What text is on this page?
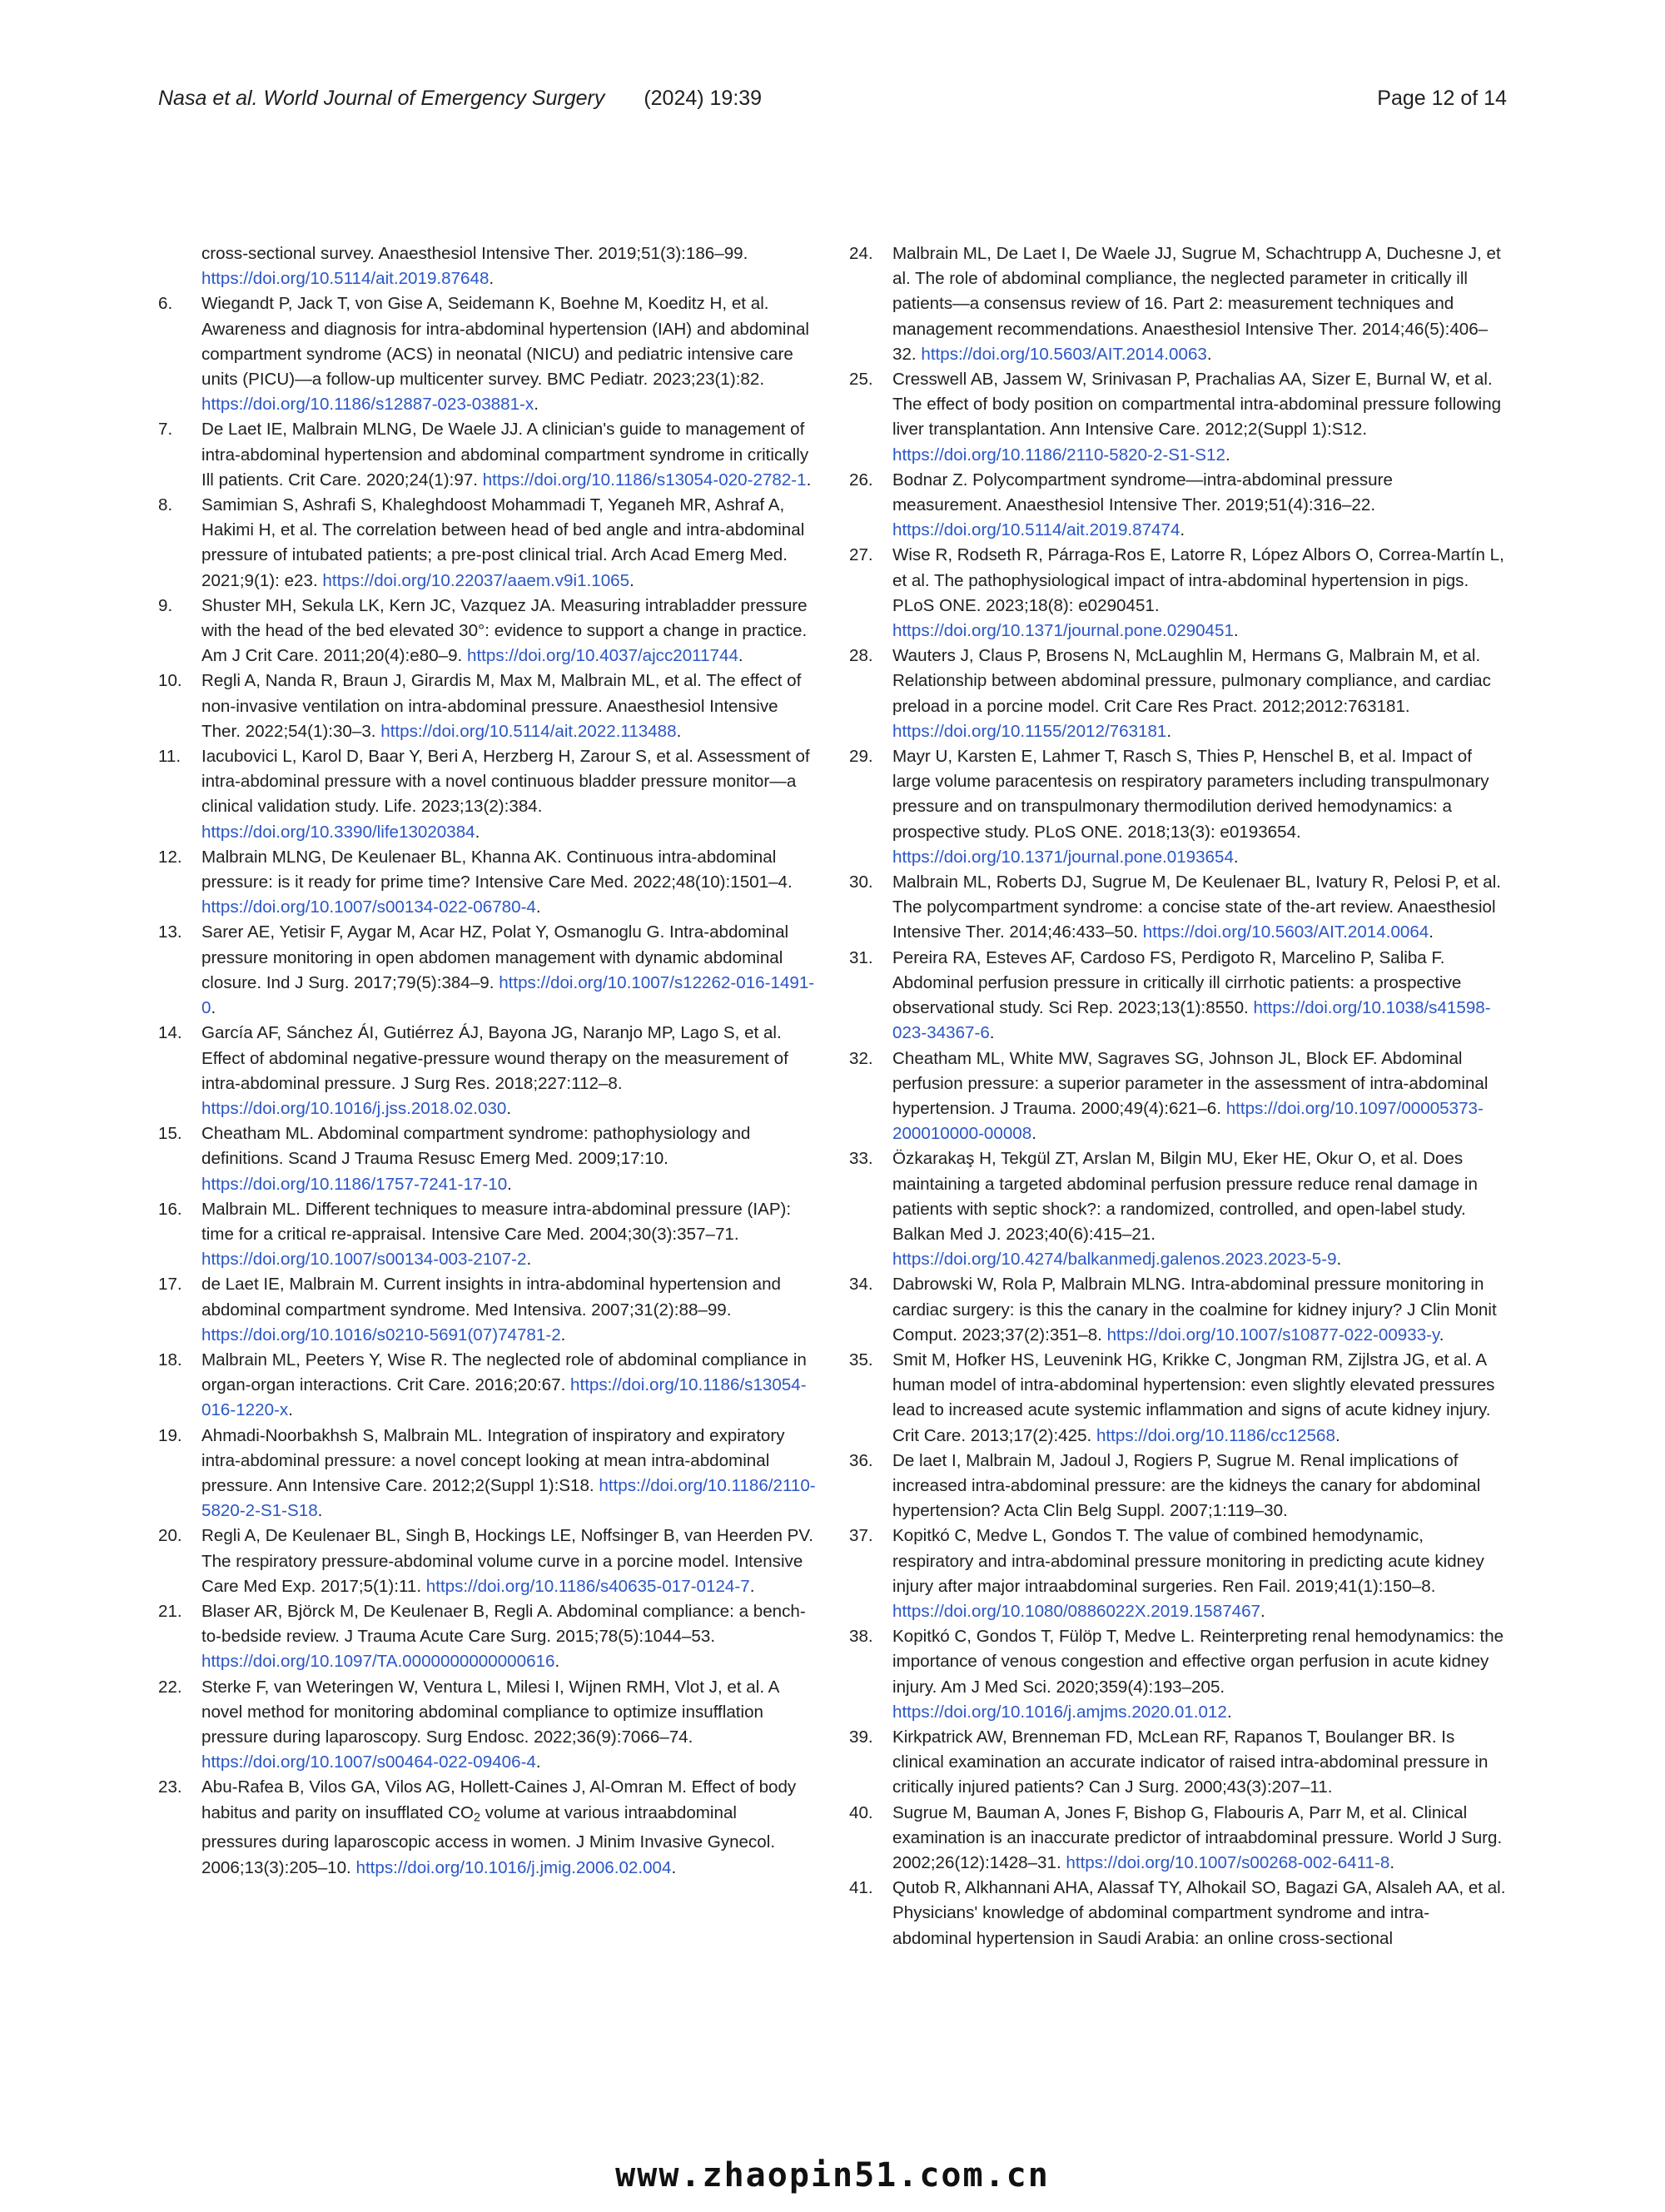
Nasa et al. World Journal of Emergency Surgery (2024) 19:39	Page 12 of 14

cross-sectional survey. Anaesthesiol Intensive Ther. 2019;51(3):186–99. https://doi.org/10.5114/ait.2019.87648.

6.	Wiegandt P, Jack T, von Gise A, Seidemann K, Boehne M, Koeditz H, et al. Awareness and diagnosis for intra-abdominal hypertension (IAH) and abdominal compartment syndrome (ACS) in neonatal (NICU) and pediatric intensive care units (PICU)—a follow-up multicenter survey. BMC Pediatr. 2023;23(1):82. https://doi.org/10.1186/s12887-023-03881-x.

7.	De Laet IE, Malbrain MLNG, De Waele JJ. A clinician's guide to management of intra-abdominal hypertension and abdominal compartment syndrome in critically Ill patients. Crit Care. 2020;24(1):97. https://doi.org/10.1186/s13054-020-2782-1.

8.	Samimian S, Ashrafi S, Khaleghdoost Mohammadi T, Yeganeh MR, Ashraf A, Hakimi H, et al. The correlation between head of bed angle and intra-abdominal pressure of intubated patients; a pre-post clinical trial. Arch Acad Emerg Med. 2021;9(1): e23. https://doi.org/10.22037/aaem.v9i1.1065.

9.	Shuster MH, Sekula LK, Kern JC, Vazquez JA. Measuring intrabladder pressure with the head of the bed elevated 30°: evidence to support a change in practice. Am J Crit Care. 2011;20(4):e80–9. https://doi.org/10.4037/ajcc2011744.

10.	Regli A, Nanda R, Braun J, Girardis M, Max M, Malbrain ML, et al. The effect of non-invasive ventilation on intra-abdominal pressure. Anaesthesiol Intensive Ther. 2022;54(1):30–3. https://doi.org/10.5114/ait.2022.113488.

11.	Iacubovici L, Karol D, Baar Y, Beri A, Herzberg H, Zarour S, et al. Assessment of intra-abdominal pressure with a novel continuous bladder pressure monitor—a clinical validation study. Life. 2023;13(2):384. https://doi.org/10.3390/life13020384.

12.	Malbrain MLNG, De Keulenaer BL, Khanna AK. Continuous intra-abdominal pressure: is it ready for prime time? Intensive Care Med. 2022;48(10):1501–4. https://doi.org/10.1007/s00134-022-06780-4.

13.	Sarer AE, Yetisir F, Aygar M, Acar HZ, Polat Y, Osmanoglu G. Intra-abdominal pressure monitoring in open abdomen management with dynamic abdominal closure. Ind J Surg. 2017;79(5):384–9. https://doi.org/10.1007/s12262-016-1491-0.

14.	García AF, Sánchez ÁI, Gutiérrez ÁJ, Bayona JG, Naranjo MP, Lago S, et al. Effect of abdominal negative-pressure wound therapy on the measurement of intra-abdominal pressure. J Surg Res. 2018;227:112–8. https://doi.org/10.1016/j.jss.2018.02.030.

15.	Cheatham ML. Abdominal compartment syndrome: pathophysiology and definitions. Scand J Trauma Resusc Emerg Med. 2009;17:10. https://doi.org/10.1186/1757-7241-17-10.

16.	Malbrain ML. Different techniques to measure intra-abdominal pressure (IAP): time for a critical re-appraisal. Intensive Care Med. 2004;30(3):357–71. https://doi.org/10.1007/s00134-003-2107-2.

17.	de Laet IE, Malbrain M. Current insights in intra-abdominal hypertension and abdominal compartment syndrome. Med Intensiva. 2007;31(2):88–99. https://doi.org/10.1016/s0210-5691(07)74781-2.

18.	Malbrain ML, Peeters Y, Wise R. The neglected role of abdominal compliance in organ-organ interactions. Crit Care. 2016;20:67. https://doi.org/10.1186/s13054-016-1220-x.

19.	Ahmadi-Noorbakhsh S, Malbrain ML. Integration of inspiratory and expiratory intra-abdominal pressure: a novel concept looking at mean intra-abdominal pressure. Ann Intensive Care. 2012;2(Suppl 1):S18. https://doi.org/10.1186/2110-5820-2-S1-S18.

20.	Regli A, De Keulenaer BL, Singh B, Hockings LE, Noffsinger B, van Heerden PV. The respiratory pressure-abdominal volume curve in a porcine model. Intensive Care Med Exp. 2017;5(1):11. https://doi.org/10.1186/s40635-017-0124-7.

21.	Blaser AR, Björck M, De Keulenaer B, Regli A. Abdominal compliance: a bench-to-bedside review. J Trauma Acute Care Surg. 2015;78(5):1044–53. https://doi.org/10.1097/TA.0000000000000616.

22.	Sterke F, van Weteringen W, Ventura L, Milesi I, Wijnen RMH, Vlot J, et al. A novel method for monitoring abdominal compliance to optimize insufflation pressure during laparoscopy. Surg Endosc. 2022;36(9):7066–74. https://doi.org/10.1007/s00464-022-09406-4.

23.	Abu-Rafea B, Vilos GA, Vilos AG, Hollett-Caines J, Al-Omran M. Effect of body habitus and parity on insufflated $CO_2$ volume at various intraabdominal pressures during laparoscopic access in women. J Minim Invasive Gynecol. 2006;13(3):205–10. https://doi.org/10.1016/j.jmig.2006.02.004.

24.	Malbrain ML, De Laet I, De Waele JJ, Sugrue M, Schachtrupp A, Duchesne J, et al. The role of abdominal compliance, the neglected parameter in critically ill patients—a consensus review of 16. Part 2: measurement techniques and management recommendations. Anaesthesiol Intensive Ther. 2014;46(5):406–32. https://doi.org/10.5603/AIT.2014.0063.

25.	Cresswell AB, Jassem W, Srinivasan P, Prachalias AA, Sizer E, Burnal W, et al. The effect of body position on compartmental intra-abdominal pressure following liver transplantation. Ann Intensive Care. 2012;2(Suppl 1):S12. https://doi.org/10.1186/2110-5820-2-S1-S12.

26.	Bodnar Z. Polycompartment syndrome—intra-abdominal pressure measurement. Anaesthesiol Intensive Ther. 2019;51(4):316–22. https://doi.org/10.5114/ait.2019.87474.

27.	Wise R, Rodseth R, Párraga-Ros E, Latorre R, López Albors O, Correa-Martín L, et al. The pathophysiological impact of intra-abdominal hypertension in pigs. PLoS ONE. 2023;18(8): e0290451. https://doi.org/10.1371/journal.pone.0290451.

28.	Wauters J, Claus P, Brosens N, McLaughlin M, Hermans G, Malbrain M, et al. Relationship between abdominal pressure, pulmonary compliance, and cardiac preload in a porcine model. Crit Care Res Pract. 2012;2012:763181. https://doi.org/10.1155/2012/763181.

29.	Mayr U, Karsten E, Lahmer T, Rasch S, Thies P, Henschel B, et al. Impact of large volume paracentesis on respiratory parameters including transpulmonary pressure and on transpulmonary thermodilution derived hemodynamics: a prospective study. PLoS ONE. 2018;13(3): e0193654. https://doi.org/10.1371/journal.pone.0193654.

30.	Malbrain ML, Roberts DJ, Sugrue M, De Keulenaer BL, Ivatury R, Pelosi P, et al. The polycompartment syndrome: a concise state of the-art review. Anaesthesiol Intensive Ther. 2014;46:433–50. https://doi.org/10.5603/AIT.2014.0064.

31.	Pereira RA, Esteves AF, Cardoso FS, Perdigoto R, Marcelino P, Saliba F. Abdominal perfusion pressure in critically ill cirrhotic patients: a prospective observational study. Sci Rep. 2023;13(1):8550. https://doi.org/10.1038/s41598-023-34367-6.

32.	Cheatham ML, White MW, Sagraves SG, Johnson JL, Block EF. Abdominal perfusion pressure: a superior parameter in the assessment of intra-abdominal hypertension. J Trauma. 2000;49(4):621–6. https://doi.org/10.1097/00005373-200010000-00008.

33.	Özkarakaş H, Tekgül ZT, Arslan M, Bilgin MU, Eker HE, Okur O, et al. Does maintaining a targeted abdominal perfusion pressure reduce renal damage in patients with septic shock?: a randomized, controlled, and open-label study. Balkan Med J. 2023;40(6):415–21. https://doi.org/10.4274/balkanmedj.galenos.2023.2023-5-9.

34.	Dabrowski W, Rola P, Malbrain MLNG. Intra-abdominal pressure monitoring in cardiac surgery: is this the canary in the coalmine for kidney injury? J Clin Monit Comput. 2023;37(2):351–8. https://doi.org/10.1007/s10877-022-00933-y.

35.	Smit M, Hofker HS, Leuvenink HG, Krikke C, Jongman RM, Zijlstra JG, et al. A human model of intra-abdominal hypertension: even slightly elevated pressures lead to increased acute systemic inflammation and signs of acute kidney injury. Crit Care. 2013;17(2):425. https://doi.org/10.1186/cc12568.

36.	De laet I, Malbrain M, Jadoul J, Rogiers P, Sugrue M. Renal implications of increased intra-abdominal pressure: are the kidneys the canary for abdominal hypertension? Acta Clin Belg Suppl. 2007;1:119–30.

37.	Kopitkó C, Medve L, Gondos T. The value of combined hemodynamic, respiratory and intra-abdominal pressure monitoring in predicting acute kidney injury after major intraabdominal surgeries. Ren Fail. 2019;41(1):150–8. https://doi.org/10.1080/0886022X.2019.1587467.

38.	Kopitkó C, Gondos T, Fülöp T, Medve L. Reinterpreting renal hemodynamics: the importance of venous congestion and effective organ perfusion in acute kidney injury. Am J Med Sci. 2020;359(4):193–205. https://doi.org/10.1016/j.amjms.2020.01.012.

39.	Kirkpatrick AW, Brenneman FD, McLean RF, Rapanos T, Boulanger BR. Is clinical examination an accurate indicator of raised intra-abdominal pressure in critically injured patients? Can J Surg. 2000;43(3):207–11.

40.	Sugrue M, Bauman A, Jones F, Bishop G, Flabouris A, Parr M, et al. Clinical examination is an inaccurate predictor of intraabdominal pressure. World J Surg. 2002;26(12):1428–31. https://doi.org/10.1007/s00268-002-6411-8.

41.	Qutob R, Alkhannani AHA, Alassaf TY, Alhokail SO, Bagazi GA, Alsaleh AA, et al. Physicians' knowledge of abdominal compartment syndrome and intra-abdominal hypertension in Saudi Arabia: an online cross-sectional

www.zhaopin51.com.cn
